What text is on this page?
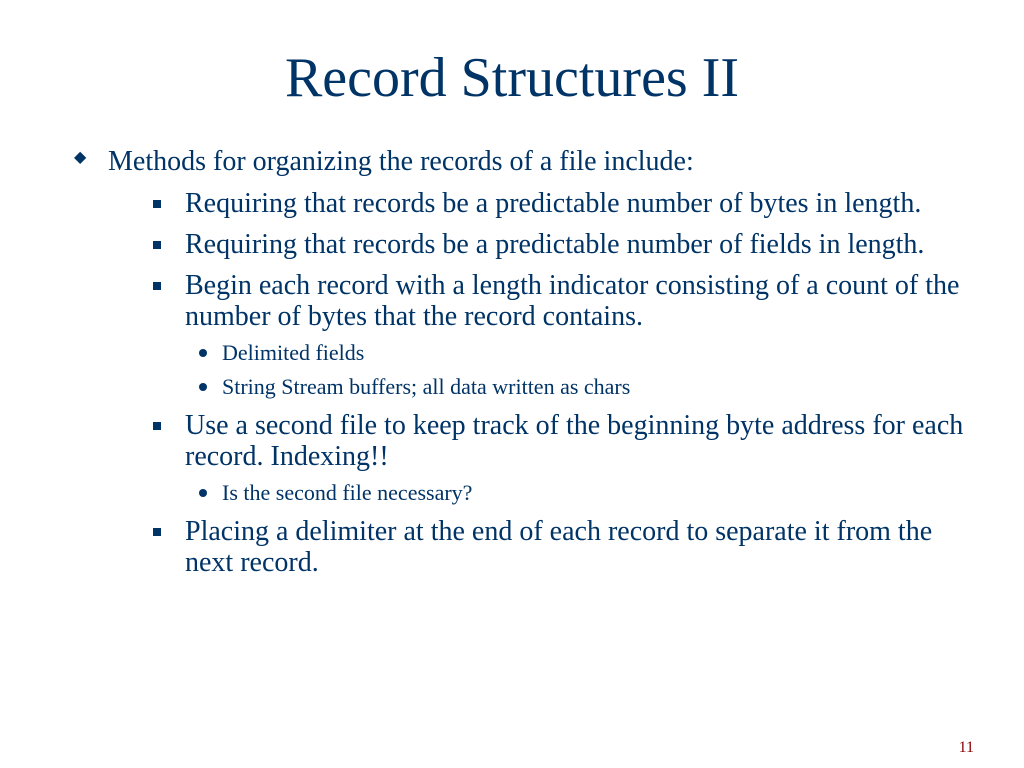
Record Structures II
◆ Methods for organizing the records of a file include:
Requiring that records be a predictable number of bytes in length.
Requiring that records be a predictable number of fields in length.
Begin each record with a length indicator consisting of a count of the number of bytes that the record contains.
Delimited fields
String Stream buffers; all data written as chars
Use a second file to keep track of the beginning byte address for each record. Indexing!!
Is the second file necessary?
Placing a delimiter at the end of each record to separate it from the next record.
11
